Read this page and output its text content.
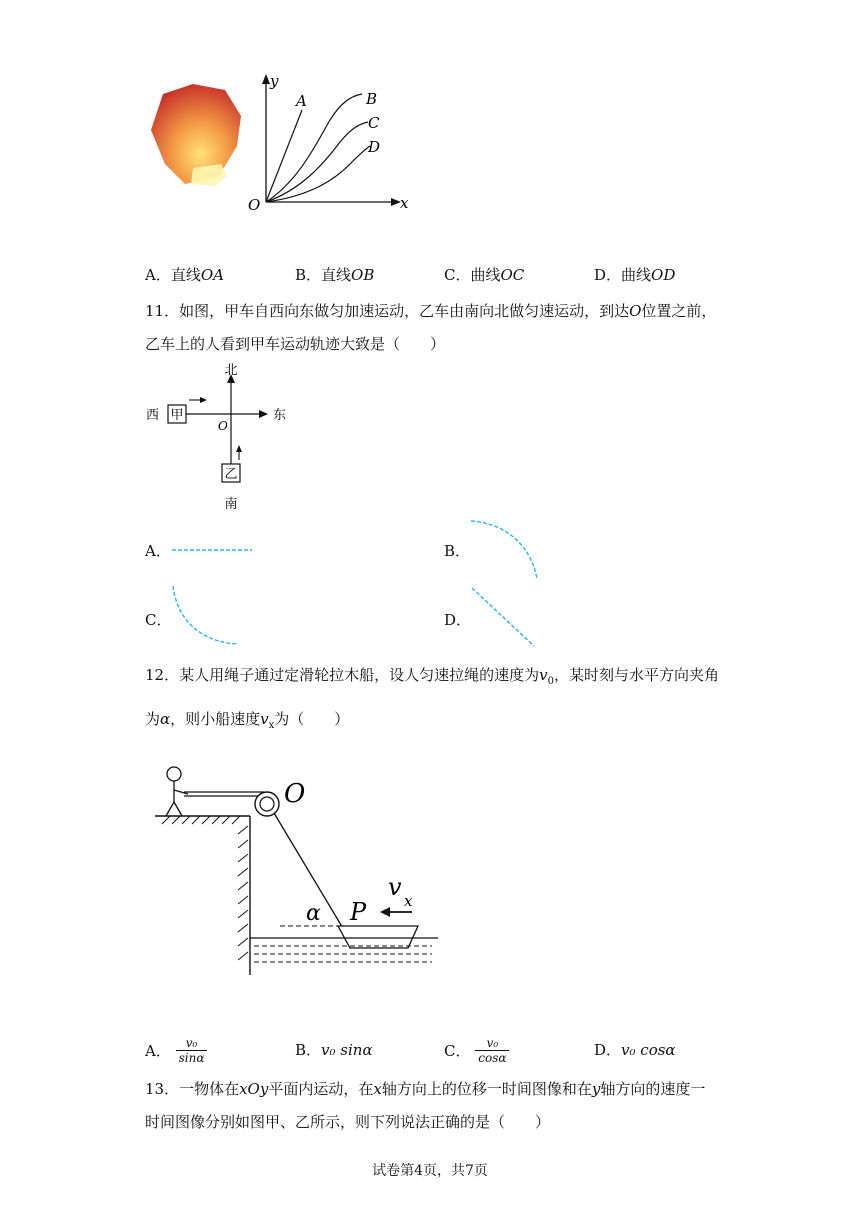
y
x
O
A	B
C
D
A．直线OA	B．直线OB	C．曲线OC	D．曲线OD
11．如图，甲车自西向东做匀加速运动，乙车由南向北做匀速运动，到达O位置之前，
乙车上的人看到甲车运动轨迹大致是（　　）
甲
乙
北
南
西	东
O
A．	B．
C．	D．
12．某人用绳子通过定滑轮拉木船，设人匀速拉绳的速度为$v_0$，某时刻与水平方向夹角
为α，则小船速度$v_x$为（　　）
O
α P
v x
A． $\frac{\text{v₀}}{\sin\alpha}$	B．v₀ sinα	C． $\frac{\text{v₀}}{\cos\alpha}$	D．v₀ cosα
13．一物体在xOy平面内运动，在x轴方向上的位移一时间图像和在y轴方向的速度一
时间图像分别如图甲、乙所示，则下列说法正确的是（　　）
试卷第4页，共7页
